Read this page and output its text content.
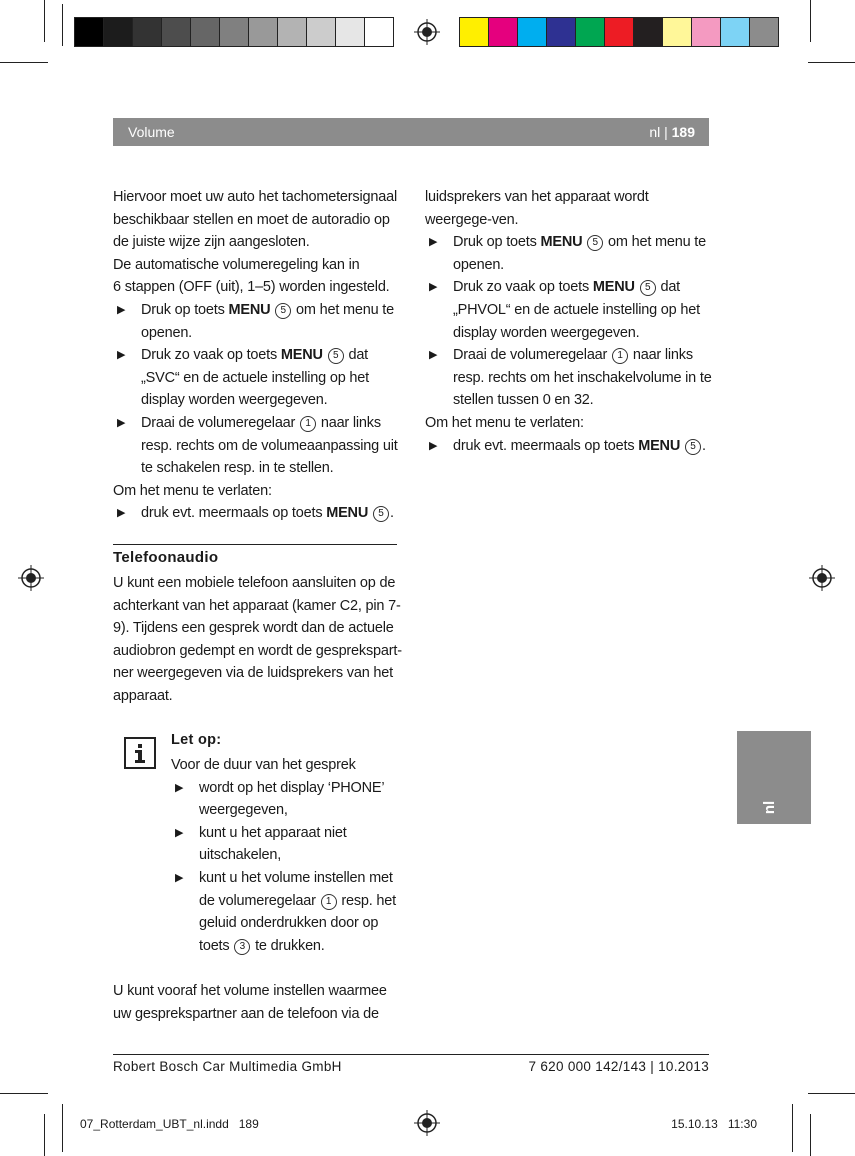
Volume	nl | 189

Hiervoor moet uw auto het tachometersignaal beschikbaar stellen en moet de autoradio op de juiste wijze zijn aangesloten.

De automatische volumeregeling kan in

6 stappen (OFF (uit), 1–5) worden ingesteld.

▶ Druk op toets MENU 5 om het menu te openen.

▶ Druk zo vaak op toets MENU 5 dat „SVC“ en de actuele instelling op het display worden weergegeven.

▶ Draai de volumeregelaar 1 naar links resp. rechts om de volumeaanpassing uit te schakelen resp. in te stellen.

Om het menu te verlaten:

▶ druk evt. meermaals op toets MENU 5 .

Telefoonaudio

U kunt een mobiele telefoon aansluiten op de achterkant van het apparaat (kamer C2, pin 7-9). Tijdens een gesprek wordt dan de actuele audiobron gedempt en wordt de gesprekspart-ner weergegeven via de luidsprekers van het apparaat.

Let op:

Voor de duur van het gesprek

▶ wordt op het display ‘PHONE’ weergegeven,

▶ kunt u het apparaat niet uitschakelen,

▶ kunt u het volume instellen met de volumeregelaar 1 resp. het geluid onderdrukken door op toets 3 te drukken.

U kunt vooraf het volume instellen waarmee uw gesprekspartner aan de telefoon via de

luidsprekers van het apparaat wordt weergege-ven.

▶ Druk op toets MENU 5 om het menu te openen.

▶ Druk zo vaak op toets MENU 5 dat „PHVOL“ en de actuele instelling op het display worden weergegeven.

▶ Draai de volumeregelaar 1 naar links resp. rechts om het inschakelvolume in te stellen tussen 0 en 32.

Om het menu te verlaten:

▶ druk evt. meermaals op toets MENU 5 .

nl
Robert Bosch Car Multimedia GmbH	7 620 000 142/143 | 10.2013
07_Rotterdam_UBT_nl.indd   189	15.10.13   11:30
